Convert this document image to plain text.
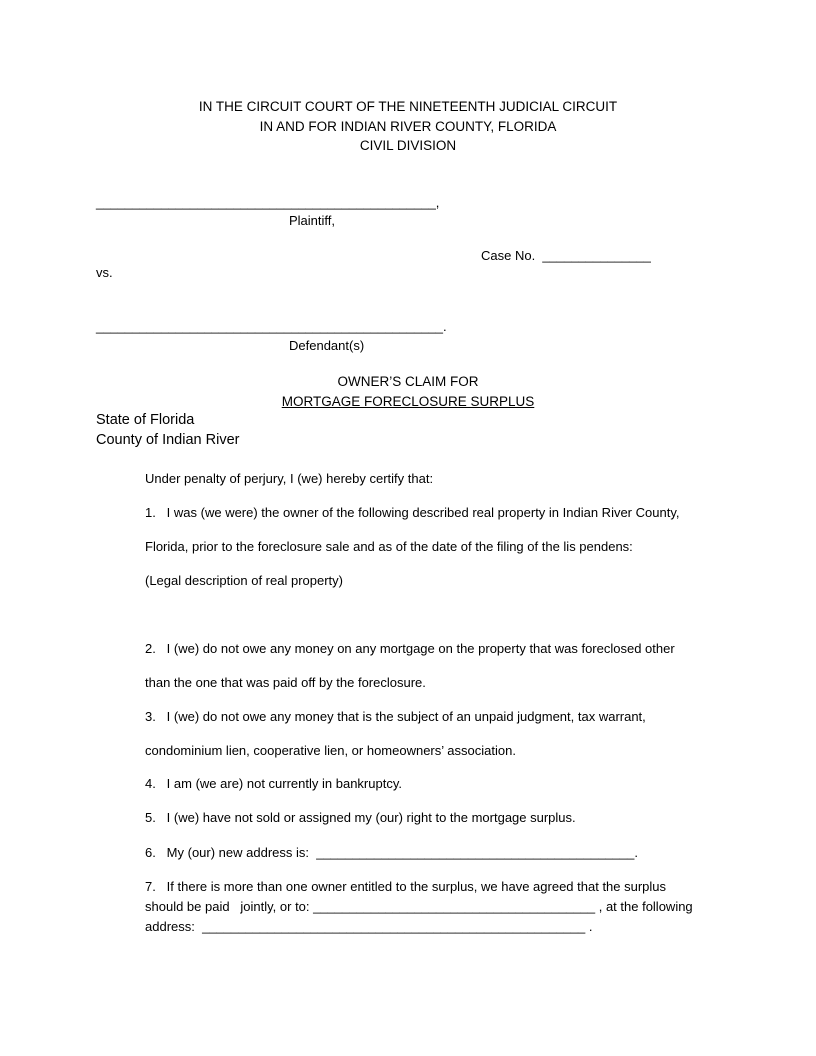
IN THE CIRCUIT COURT OF THE NINETEENTH JUDICIAL CIRCUIT
IN AND FOR INDIAN RIVER COUNTY, FLORIDA
CIVIL DIVISION
_______________________________________________,
Plaintiff,
Case No.  _______________
vs.
________________________________________________.
Defendant(s)
OWNER’S CLAIM FOR
MORTGAGE FORECLOSURE SURPLUS
State of Florida
County of Indian River
Under penalty of perjury, I (we) hereby certify that:
1.   I was (we were) the owner of the following described real property in Indian River County,
Florida, prior to the foreclosure sale and as of the date of the filing of the lis pendens:
(Legal description of real property)
2.   I (we) do not owe any money on any mortgage on the property that was foreclosed other
than the one that was paid off by the foreclosure.
3.   I (we) do not owe any money that is the subject of an unpaid judgment, tax warrant,
condominium lien, cooperative lien, or homeowners’ association.
4.   I am (we are) not currently in bankruptcy.
5.   I (we) have not sold or assigned my (our) right to the mortgage surplus.
6.   My (our) new address is:  ____________________________________________.
7.   If there is more than one owner entitled to the surplus, we have agreed that the surplus
should be paid   jointly, or to: _______________________________________ , at the following
address:  _____________________________________________________ .
